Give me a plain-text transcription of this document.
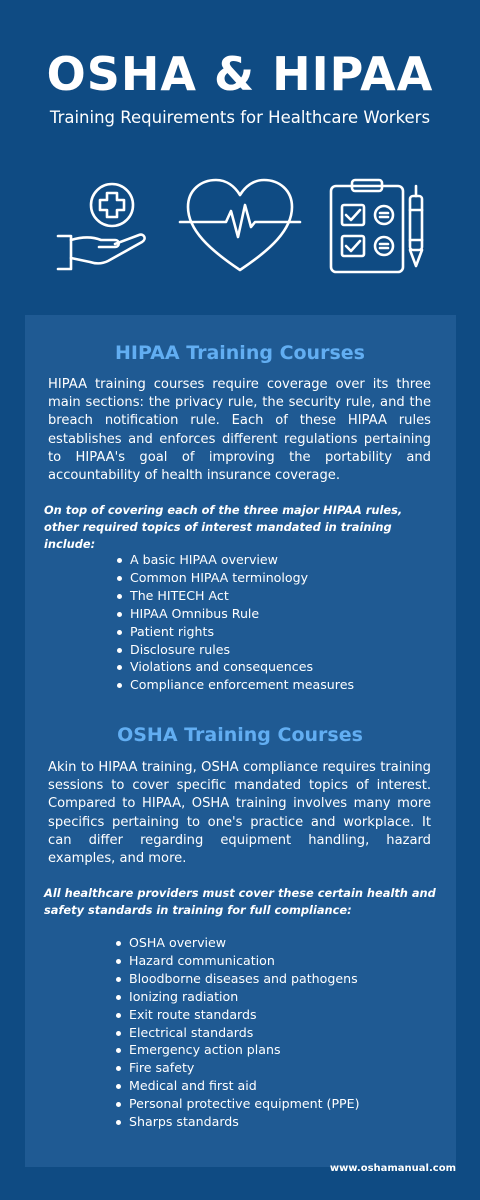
OSHA & HIPAA
Training Requirements for Healthcare Workers
HIPAA Training Courses
HIPAA training courses require coverage over its three main sections: the privacy rule, the security rule, and the breach notification rule. Each of these HIPAA rules establishes and enforces different regulations pertaining to HIPAA's goal of improving the portability and accountability of health insurance coverage.
On top of covering each of the three major HIPAA rules, other required topics of interest mandated in training include:
A basic HIPAA overview
Common HIPAA terminology
The HITECH Act
HIPAA Omnibus Rule
Patient rights
Disclosure rules
Violations and consequences
Compliance enforcement measures
OSHA Training Courses
Akin to HIPAA training, OSHA compliance requires training sessions to cover specific mandated topics of interest. Compared to HIPAA, OSHA training involves many more specifics pertaining to one's practice and workplace. It can differ regarding equipment handling, hazard examples, and more.
All healthcare providers must cover these certain health and safety standards in training for full compliance:
OSHA overview
Hazard communication
Bloodborne diseases and pathogens
Ionizing radiation
Exit route standards
Electrical standards
Emergency action plans
Fire safety
Medical and first aid
Personal protective equipment (PPE)
Sharps standards
www.oshamanual.com
